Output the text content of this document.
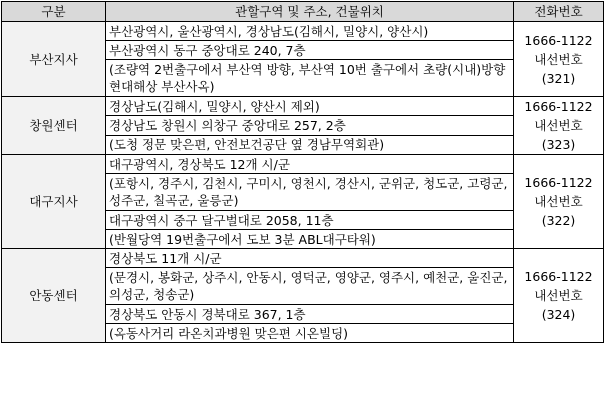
구분	관할구역 및 주소, 건물위치	전화번호
부산지사	부산광역시, 울산광역시, 경상남도(김해시, 밀양시, 양산시)	1666-1122
내선번호
(321)

	부산광역시 동구 중앙대로 240, 7층	
	(조량역 2번출구에서 부산역 방향, 부산역 10번 출구에서 초량(시내)방향 현대해상 부산사옥)	
창원센터	경상남도(김해시, 밀양시, 양산시 제외)	1666-1122
내선번호
(323)

	경상남도 창원시 의창구 중앙대로 257, 2층	
	(도청 정문 맞은편, 안전보건공단 옆 경남무역회관)	
대구지사	대구광역시, 경상북도 12개 시/군	1666-1122
내선번호
(322)

	(포항시, 경주시, 김천시, 구미시, 영천시, 경산시, 군위군, 청도군, 고령군, 성주군, 칠곡군, 울릉군)	
	대구광역시 중구 달구벌대로 2058, 11층	
	(반월당역 19번출구에서 도보 3분 ABL대구타워)	
안동센터	경상북도 11개 시/군	1666-1122
내선번호
(324)

	(문경시, 봉화군, 상주시, 안동시, 영덕군, 영양군, 영주시, 예천군, 울진군, 의성군, 청송군)	
	경상북도 안동시 경북대로 367, 1층	
	(옥동사거리 라온치과병원 맞은편 시온빌딩)	
